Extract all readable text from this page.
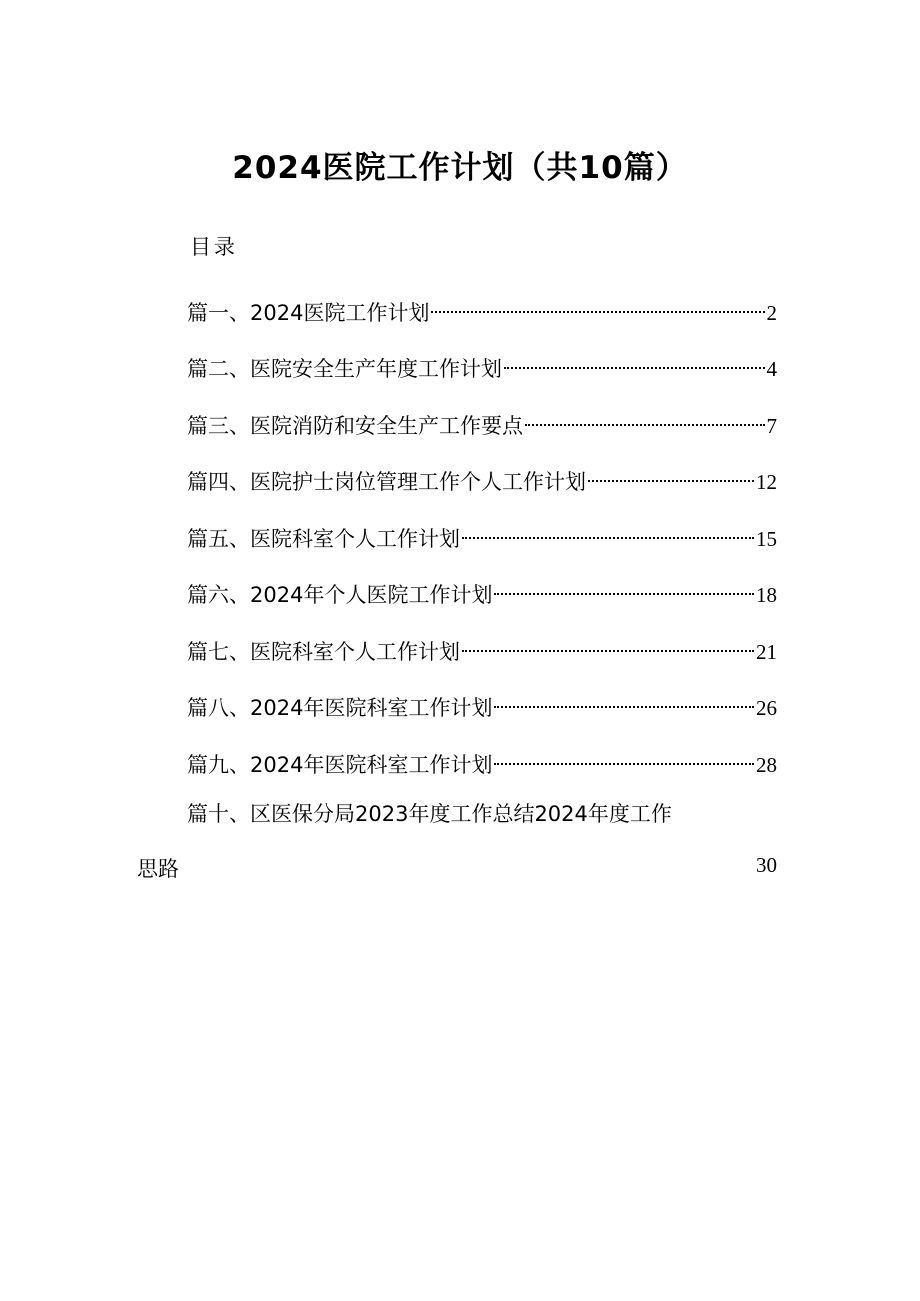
2024医院工作计划（共10篇）
目录
篇一、2024医院工作计划	2
篇二、医院安全生产年度工作计划	4
篇三、医院消防和安全生产工作要点	7
篇四、医院护士岗位管理工作个人工作计划	12
篇五、医院科室个人工作计划	15
篇六、2024年个人医院工作计划	18
篇七、医院科室个人工作计划	21
篇八、2024年医院科室工作计划	26
篇九、2024年医院科室工作计划	28
篇十、区医保分局2023年度工作总结2024年度工作
思路	30
